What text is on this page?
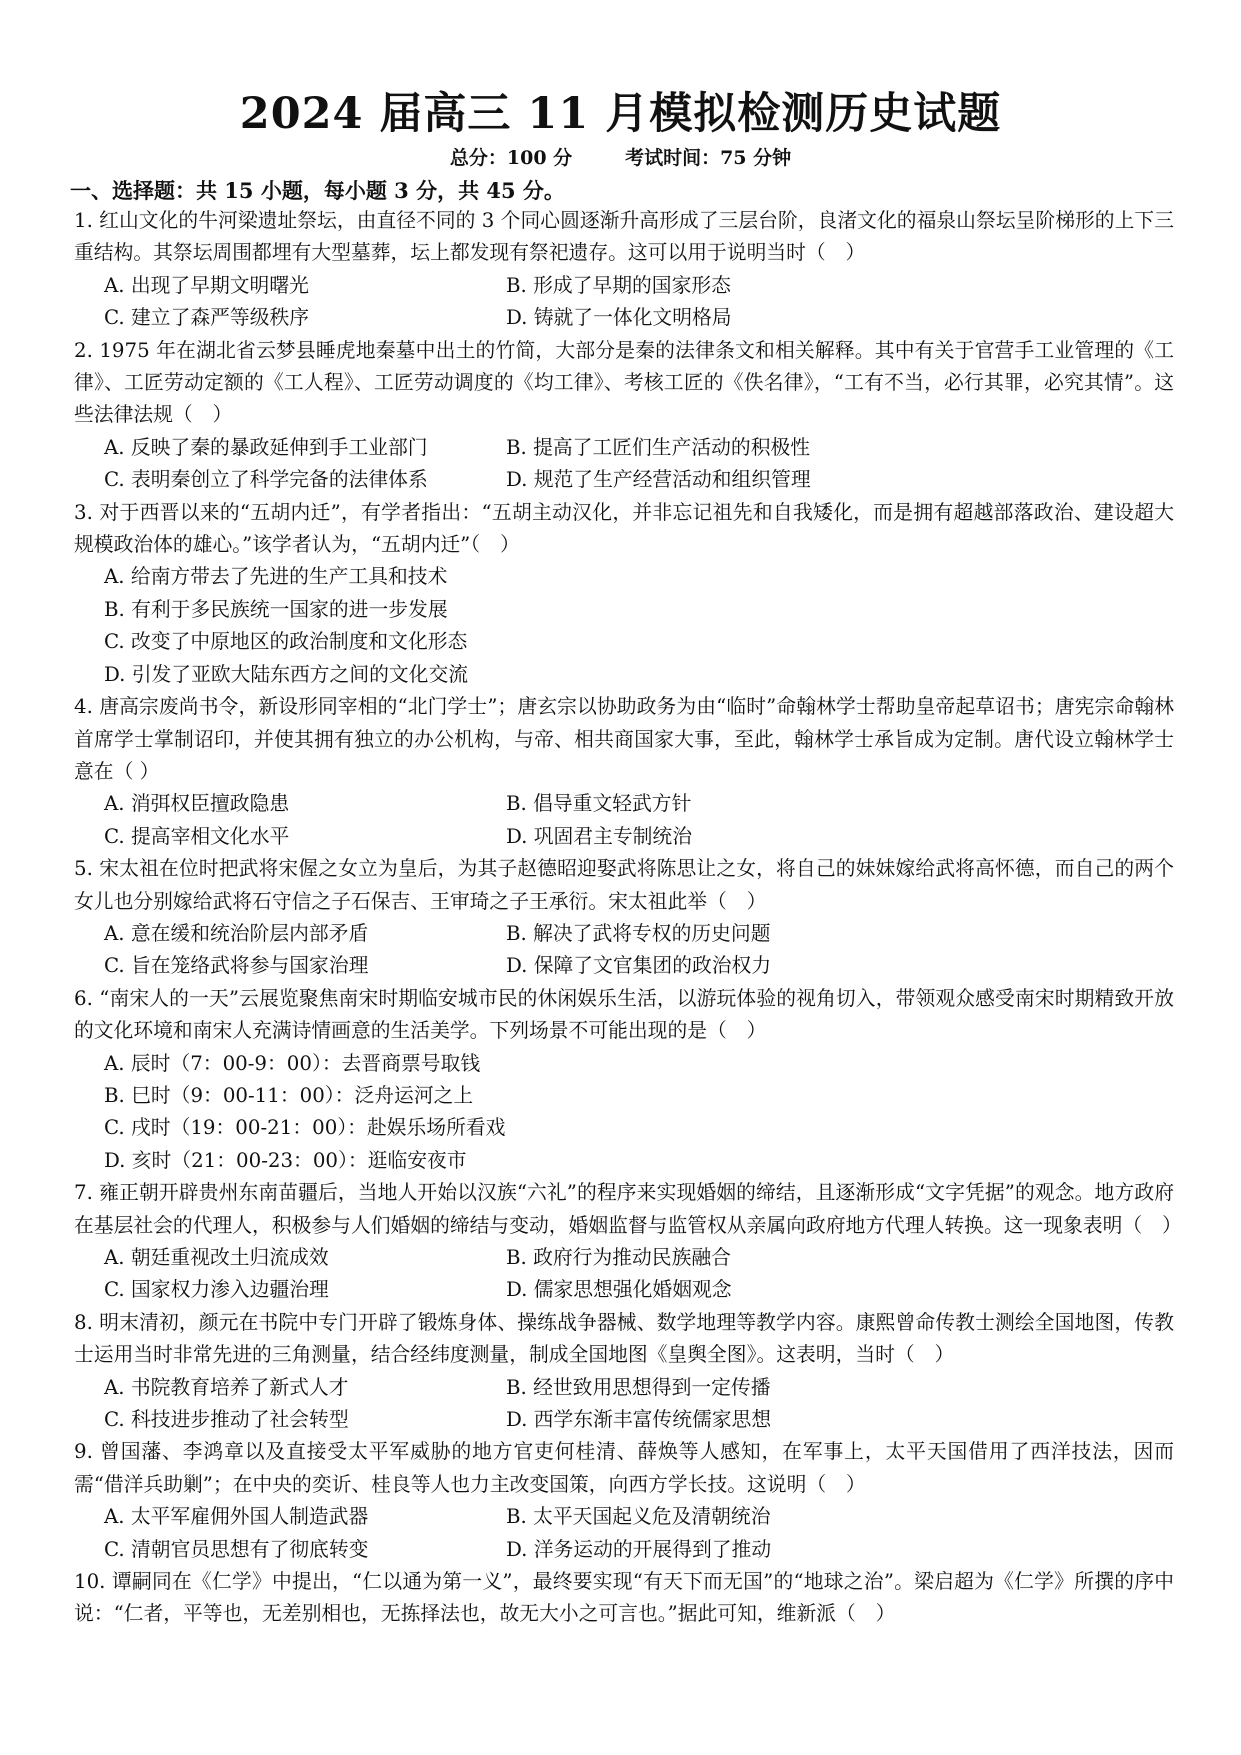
2024 届高三 11 月模拟检测历史试题
总分：100 分        考试时间：75 分钟
一、选择题：共 15 小题，每小题 3 分，共 45 分。

1. 红山文化的牛河梁遗址祭坛，由直径不同的 3 个同心圆逐渐升高形成了三层台阶，良渚文化的福泉山祭坛呈阶梯形的上下三重结构。其祭坛周围都埋有大型墓葬，坛上都发现有祭祀遗存。这可以用于说明当时（　）

A. 出现了早期文明曙光	B. 形成了早期的国家形态

C. 建立了森严等级秩序	D. 铸就了一体化文明格局

2. 1975 年在湖北省云梦县睡虎地秦墓中出土的竹简，大部分是秦的法律条文和相关解释。其中有关于官营手工业管理的《工律》、工匠劳动定额的《工人程》、工匠劳动调度的《均工律》、考核工匠的《佚名律》，“工有不当，必行其罪，必究其情”。这些法律法规（　）

A. 反映了秦的暴政延伸到手工业部门	B. 提高了工匠们生产活动的积极性

C. 表明秦创立了科学完备的法律体系	D. 规范了生产经营活动和组织管理

3. 对于西晋以来的“五胡内迁”，有学者指出：“五胡主动汉化，并非忘记祖先和自我矮化，而是拥有超越部落政治、建设超大规模政治体的雄心。”该学者认为，“五胡内迁”（　）

A. 给南方带去了先进的生产工具和技术

B. 有利于多民族统一国家的进一步发展

C. 改变了中原地区的政治制度和文化形态

D. 引发了亚欧大陆东西方之间的文化交流

4. 唐高宗废尚书令，新设形同宰相的“北门学士”；唐玄宗以协助政务为由“临时”命翰林学士帮助皇帝起草诏书；唐宪宗命翰林首席学士掌制诏印，并使其拥有独立的办公机构，与帝、相共商国家大事，至此，翰林学士承旨成为定制。唐代设立翰林学士意在（ ）

A. 消弭权臣擅政隐患	B. 倡导重文轻武方针

C. 提高宰相文化水平	D. 巩固君主专制统治

5. 宋太祖在位时把武将宋偓之女立为皇后，为其子赵德昭迎娶武将陈思让之女，将自己的妹妹嫁给武将高怀德，而自己的两个女儿也分别嫁给武将石守信之子石保吉、王审琦之子王承衍。宋太祖此举（　）

A. 意在缓和统治阶层内部矛盾	B. 解决了武将专权的历史问题

C. 旨在笼络武将参与国家治理	D. 保障了文官集团的政治权力

6. “南宋人的一天”云展览聚焦南宋时期临安城市民的休闲娱乐生活，以游玩体验的视角切入，带领观众感受南宋时期精致开放的文化环境和南宋人充满诗情画意的生活美学。下列场景不可能出现的是（　）

A. 辰时（7：00-9：00）：去晋商票号取钱

B. 巳时（9：00-11：00）：泛舟运河之上

C. 戌时（19：00-21：00）：赴娱乐场所看戏

D. 亥时（21：00-23：00）：逛临安夜市

7. 雍正朝开辟贵州东南苗疆后，当地人开始以汉族“六礼”的程序来实现婚姻的缔结，且逐渐形成“文字凭据”的观念。地方政府在基层社会的代理人，积极参与人们婚姻的缔结与变动，婚姻监督与监管权从亲属向政府地方代理人转换。这一现象表明（　）

A. 朝廷重视改土归流成效	B. 政府行为推动民族融合

C. 国家权力渗入边疆治理	D. 儒家思想强化婚姻观念

8. 明末清初，颜元在书院中专门开辟了锻炼身体、操练战争器械、数学地理等教学内容。康熙曾命传教士测绘全国地图，传教士运用当时非常先进的三角测量，结合经纬度测量，制成全国地图《皇舆全图》。这表明，当时（　）

A. 书院教育培养了新式人才	B. 经世致用思想得到一定传播

C. 科技进步推动了社会转型	D. 西学东渐丰富传统儒家思想

9. 曾国藩、李鸿章以及直接受太平军威胁的地方官吏何桂清、薛焕等人感知，在军事上，太平天国借用了西洋技法，因而需“借洋兵助剿”；在中央的奕䜣、桂良等人也力主改变国策，向西方学长技。这说明（　）

A. 太平军雇佣外国人制造武器	B. 太平天国起义危及清朝统治

C. 清朝官员思想有了彻底转变	D. 洋务运动的开展得到了推动

10. 谭嗣同在《仁学》中提出，“仁以通为第一义”，最终要实现“有天下而无国”的“地球之治”。梁启超为《仁学》所撰的序中说：“仁者，平等也，无差别相也，无拣择法也，故无大小之可言也。”据此可知，维新派（　）
